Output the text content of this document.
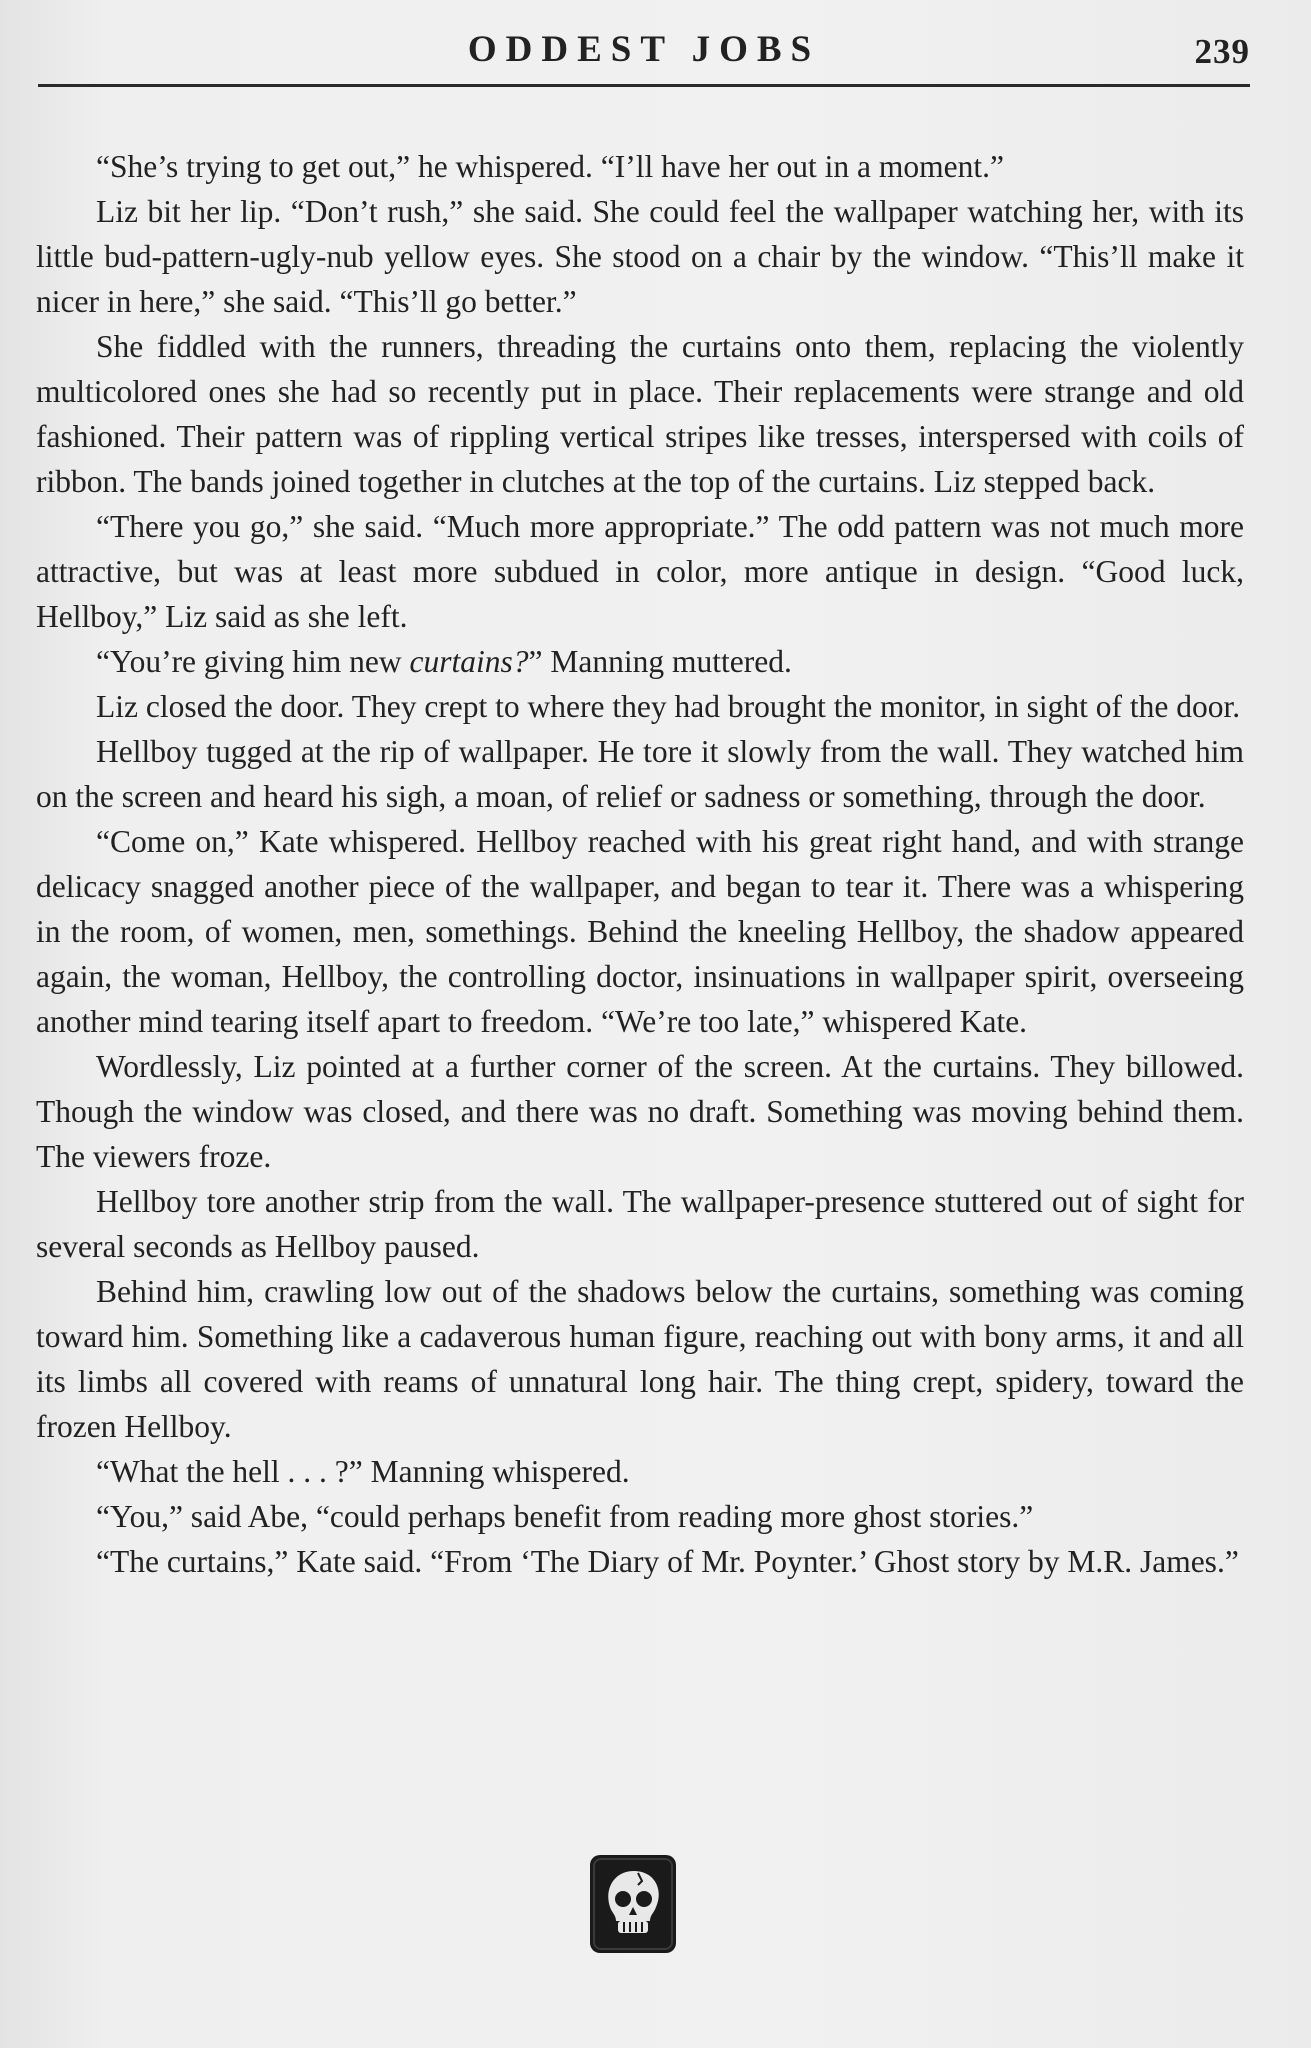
ODDEST JOBS	239

“She’s trying to get out,” he whispered. “I’ll have her out in a moment.”

Liz bit her lip. “Don’t rush,” she said. She could feel the wallpaper watching her, with its little bud-pattern-ugly-nub yellow eyes. She stood on a chair by the window. “This’ll make it nicer in here,” she said. “This’ll go better.”

She fiddled with the runners, threading the curtains onto them, replacing the violently multicolored ones she had so recently put in place. Their replacements were strange and old fashioned. Their pattern was of rippling vertical stripes like tresses, interspersed with coils of ribbon. The bands joined together in clutches at the top of the curtains. Liz stepped back.

“There you go,” she said. “Much more appropriate.” The odd pattern was not much more attractive, but was at least more subdued in color, more antique in design. “Good luck, Hellboy,” Liz said as she left.

“You’re giving him new curtains?” Manning muttered.

Liz closed the door. They crept to where they had brought the monitor, in sight of the door.

Hellboy tugged at the rip of wallpaper. He tore it slowly from the wall. They watched him on the screen and heard his sigh, a moan, of relief or sadness or something, through the door.

“Come on,” Kate whispered. Hellboy reached with his great right hand, and with strange delicacy snagged another piece of the wallpaper, and began to tear it. There was a whispering in the room, of women, men, somethings. Behind the kneeling Hellboy, the shadow appeared again, the woman, Hellboy, the controlling doctor, insinuations in wallpaper spirit, overseeing another mind tearing itself apart to freedom. “We’re too late,” whispered Kate.

Wordlessly, Liz pointed at a further corner of the screen. At the curtains. They billowed. Though the window was closed, and there was no draft. Something was moving behind them. The viewers froze.

Hellboy tore another strip from the wall. The wallpaper-presence stuttered out of sight for several seconds as Hellboy paused.

Behind him, crawling low out of the shadows below the curtains, something was coming toward him. Something like a cadaverous human figure, reaching out with bony arms, it and all its limbs all covered with reams of unnatural long hair. The thing crept, spidery, toward the frozen Hellboy.

“What the hell . . . ?” Manning whispered.

“You,” said Abe, “could perhaps benefit from reading more ghost stories.”

“The curtains,” Kate said. “From ‘The Diary of Mr. Poynter.’ Ghost story by M.R. James.”
